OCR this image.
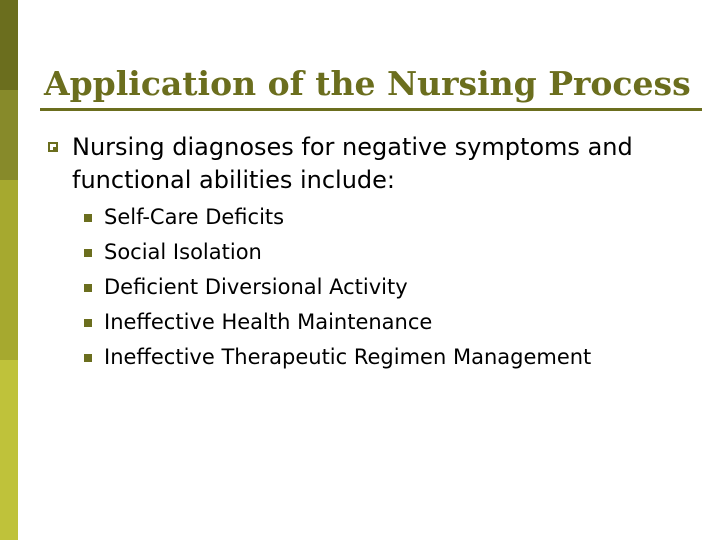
Application of the Nursing Process

Nursing diagnoses for negative symptoms and functional abilities include:

Self-Care Deficits
Social Isolation
Deficient Diversional Activity
Ineffective Health Maintenance
Ineffective Therapeutic Regimen Management
